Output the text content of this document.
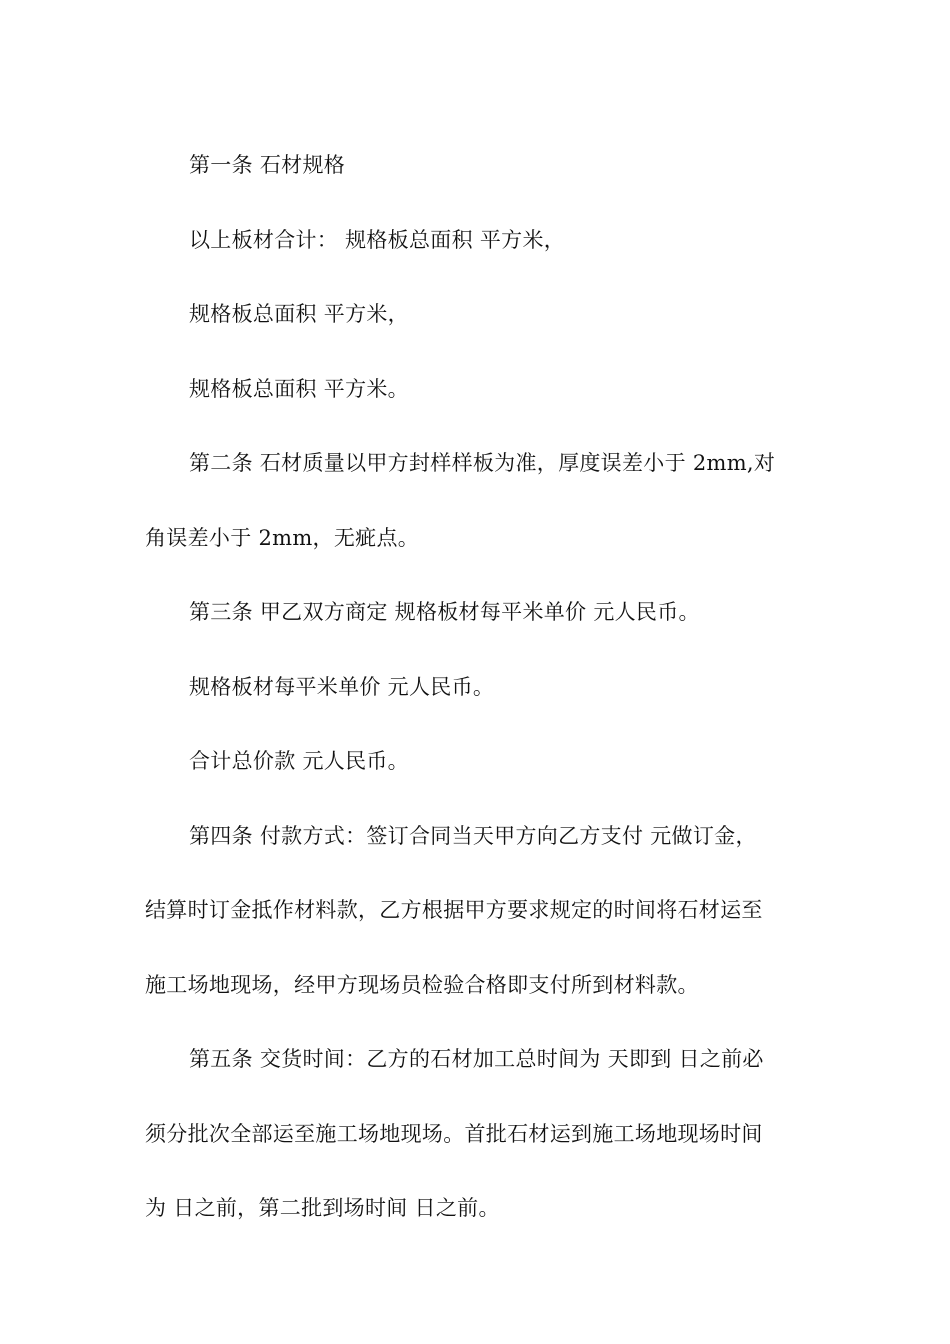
第一条 石材规格

以上板材合计： 规格板总面积 平方米，

规格板总面积 平方米，

规格板总面积 平方米。

第二条 石材质量以甲方封样样板为准，厚度误差小于 2mm,对

角误差小于 2mm，无疵点。

第三条 甲乙双方商定 规格板材每平米单价 元人民币。

规格板材每平米单价 元人民币。

合计总价款 元人民币。

第四条 付款方式：签订合同当天甲方向乙方支付 元做订金，

结算时订金抵作材料款，乙方根据甲方要求规定的时间将石材运至

施工场地现场，经甲方现场员检验合格即支付所到材料款。

第五条 交货时间：乙方的石材加工总时间为 天即到 日之前必

须分批次全部运至施工场地现场。首批石材运到施工场地现场时间

为 日之前，第二批到场时间 日之前。
